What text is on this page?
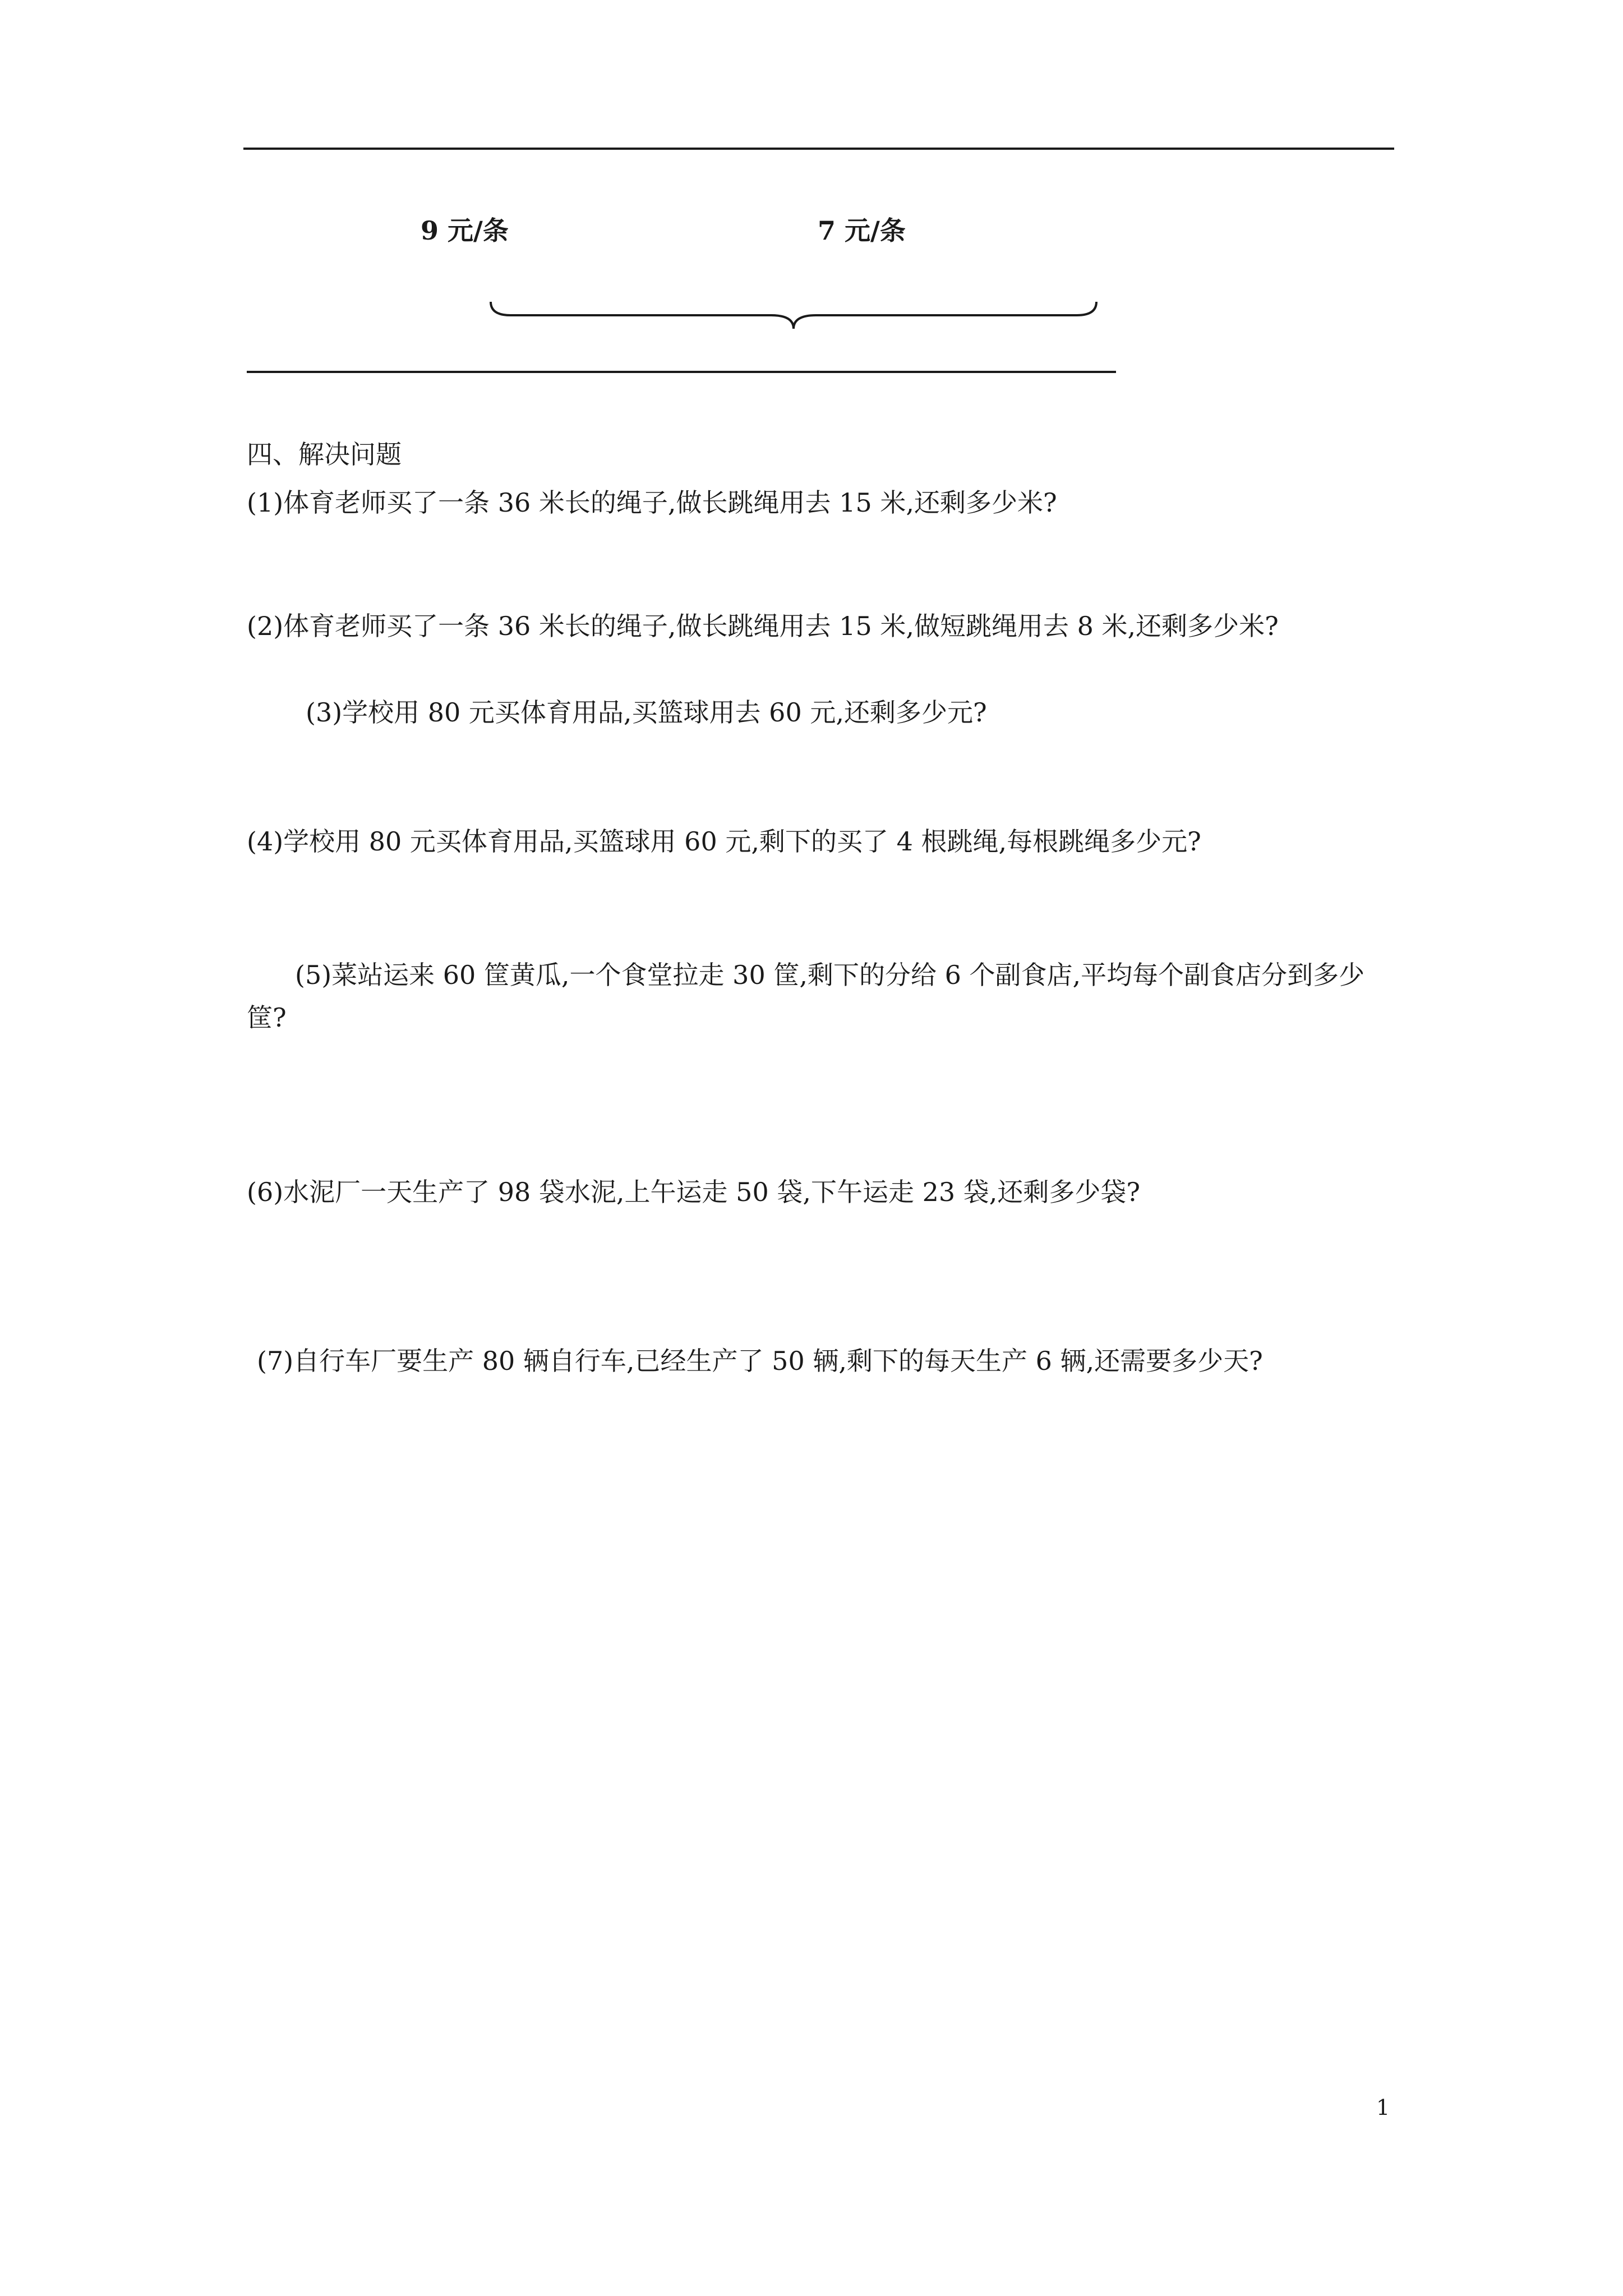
9 元/条	7 元/条
四、解决问题
(1)体育老师买了一条 36 米长的绳子,做长跳绳用去 15 米,还剩多少米?
(2)体育老师买了一条 36 米长的绳子,做长跳绳用去 15 米,做短跳绳用去 8 米,还剩多少米?
(3)学校用 80 元买体育用品,买篮球用去 60 元,还剩多少元?
(4)学校用 80 元买体育用品,买篮球用 60 元,剩下的买了 4 根跳绳,每根跳绳多少元?
(5)菜站运来 60 筐黄瓜,一个食堂拉走 30 筐,剩下的分给 6 个副食店,平均每个副食店分到多少筐?
(6)水泥厂一天生产了 98 袋水泥,上午运走 50 袋,下午运走 23 袋,还剩多少袋?
(7)自行车厂要生产 80 辆自行车,已经生产了 50 辆,剩下的每天生产 6 辆,还需要多少天?
1
